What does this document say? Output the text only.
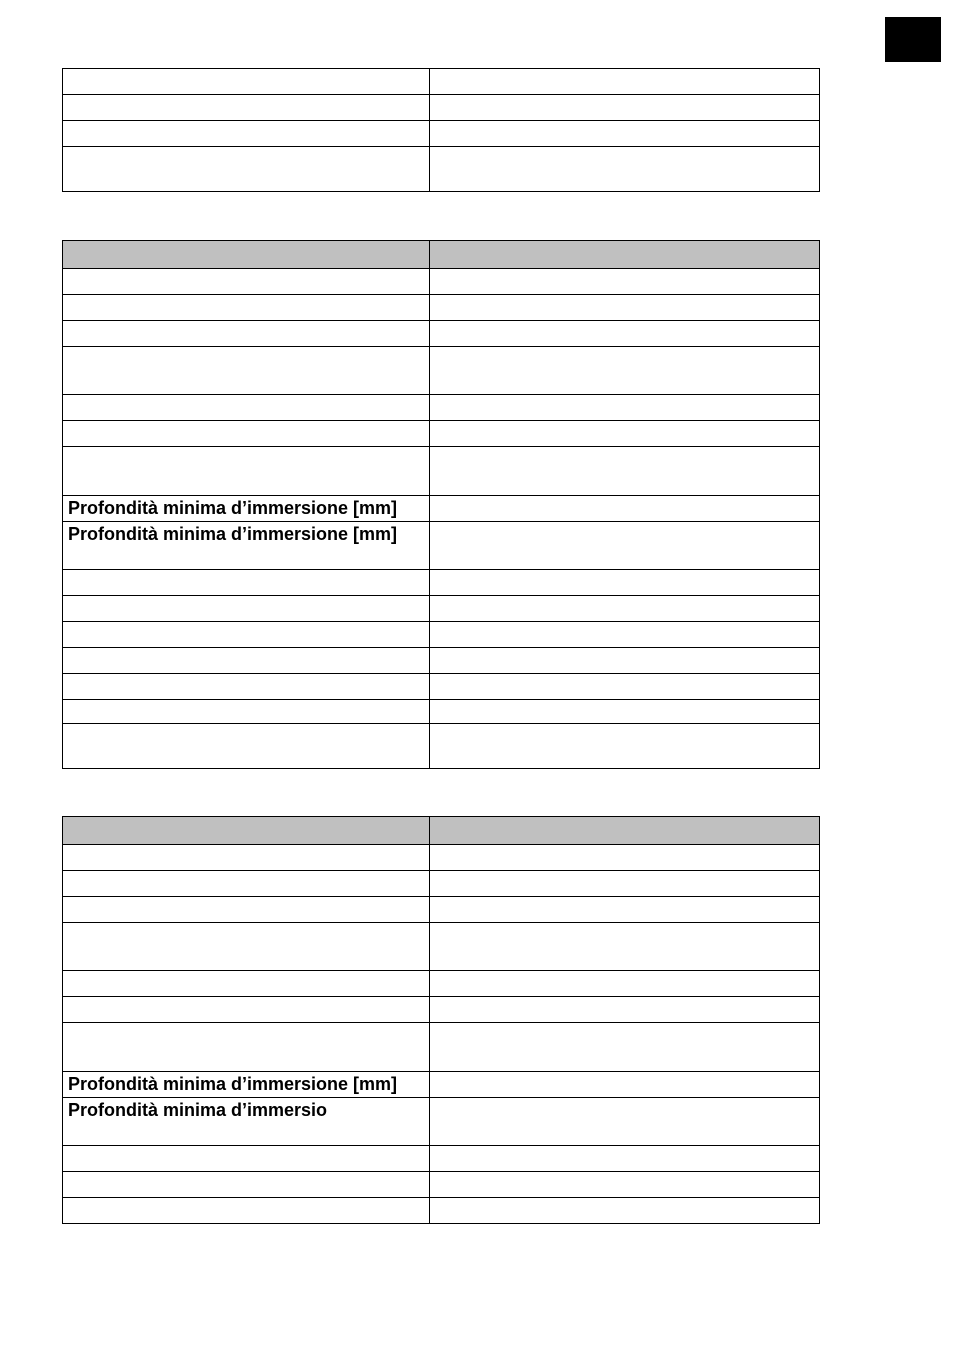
Profondità minima d’immersione [mm]	
Profondità minima d’immersione [mm]	

Profondità minima d’immersione [mm]	
Profondità minima d’immersio	
